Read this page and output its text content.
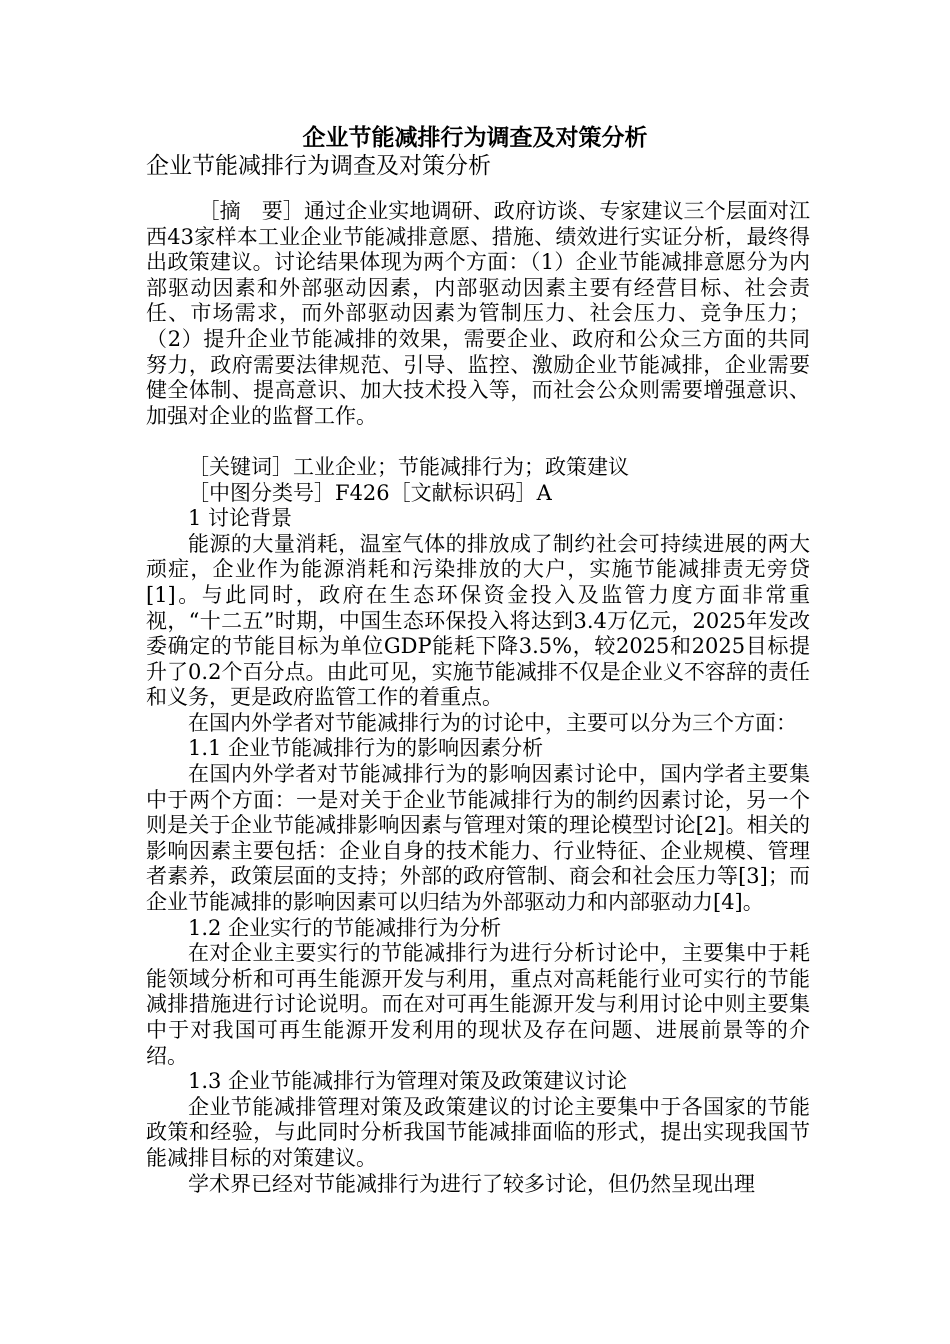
企业节能减排行为调查及对策分析
企业节能减排行为调查及对策分析

［摘　要］通过企业实地调研、政府访谈、专家建议三个层面对江西43家样本工业企业节能减排意愿、措施、绩效进行实证分析，最终得出政策建议。讨论结果体现为两个方面：（1）企业节能减排意愿分为内部驱动因素和外部驱动因素，内部驱动因素主要有经营目标、社会责任、市场需求，而外部驱动因素为管制压力、社会压力、竞争压力；（2）提升企业节能减排的效果，需要企业、政府和公众三方面的共同努力，政府需要法律规范、引导、监控、激励企业节能减排，企业需要健全体制、提高意识、加大技术投入等，而社会公众则需要增强意识、加强对企业的监督工作。

［关键词］工业企业；节能减排行为；政策建议

［中图分类号］F426［文献标识码］A

1 讨论背景

能源的大量消耗，温室气体的排放成了制约社会可持续进展的两大顽症，企业作为能源消耗和污染排放的大户，实施节能减排责无旁贷[1]。与此同时，政府在生态环保资金投入及监管力度方面非常重视，“十二五”时期，中国生态环保投入将达到3.4万亿元，2025年发改委确定的节能目标为单位GDP能耗下降3.5%，较2025和2025目标提升了0.2个百分点。由此可见，实施节能减排不仅是企业义不容辞的责任和义务，更是政府监管工作的着重点。

在国内外学者对节能减排行为的讨论中，主要可以分为三个方面：

1.1 企业节能减排行为的影响因素分析

在国内外学者对节能减排行为的影响因素讨论中，国内学者主要集中于两个方面：一是对关于企业节能减排行为的制约因素讨论，另一个则是关于企业节能减排影响因素与管理对策的理论模型讨论[2]。相关的影响因素主要包括：企业自身的技术能力、行业特征、企业规模、管理者素养，政策层面的支持；外部的政府管制、商会和社会压力等[3]；而企业节能减排的影响因素可以归结为外部驱动力和内部驱动力[4]。

1.2 企业实行的节能减排行为分析

在对企业主要实行的节能减排行为进行分析讨论中，主要集中于耗能领域分析和可再生能源开发与利用，重点对高耗能行业可实行的节能减排措施进行讨论说明。而在对可再生能源开发与利用讨论中则主要集中于对我国可再生能源开发利用的现状及存在问题、进展前景等的介绍。

1.3 企业节能减排行为管理对策及政策建议讨论

企业节能减排管理对策及政策建议的讨论主要集中于各国家的节能政策和经验，与此同时分析我国节能减排面临的形式，提出实现我国节能减排目标的对策建议。

学术界已经对节能减排行为进行了较多讨论，但仍然呈现出理
